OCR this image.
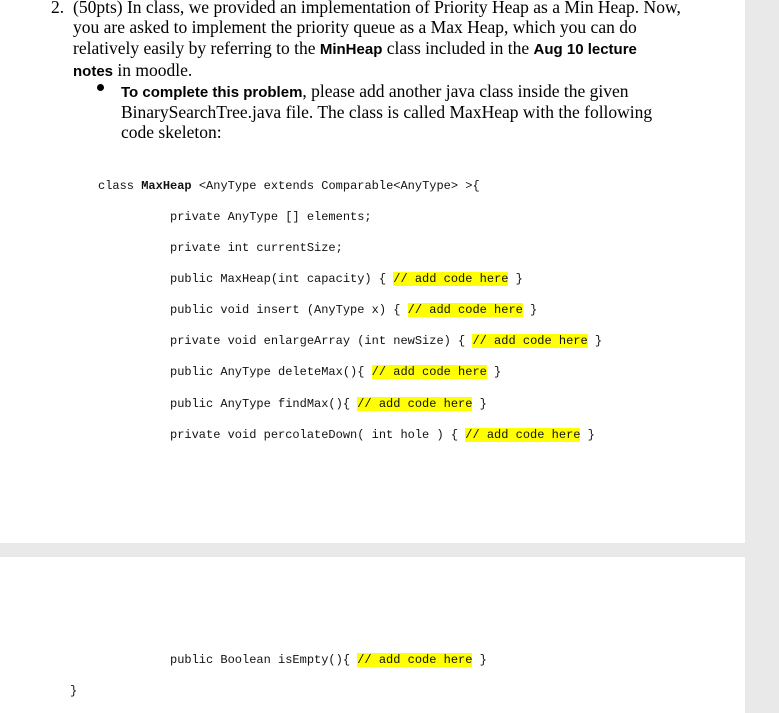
2. (50pts) In class, we provided an implementation of Priority Heap as a Min Heap. Now,
you are asked to implement the priority queue as a Max Heap, which you can do
relatively easily by referring to the MinHeap class included in the Aug 10 lecture
notes in moodle.
To complete this problem, please add another java class inside the given
BinarySearchTree.java file. The class is called MaxHeap with the following
code skeleton:
class MaxHeap <AnyType extends Comparable<AnyType> >{
private AnyType [] elements;
private int currentSize;
public MaxHeap(int capacity) { // add code here }
public void insert (AnyType x) { // add code here }
private void enlargeArray (int newSize) { // add code here }
public AnyType deleteMax(){ // add code here }
public AnyType findMax(){ // add code here }
private void percolateDown( int hole ) { // add code here }
public Boolean isEmpty(){ // add code here }
}
